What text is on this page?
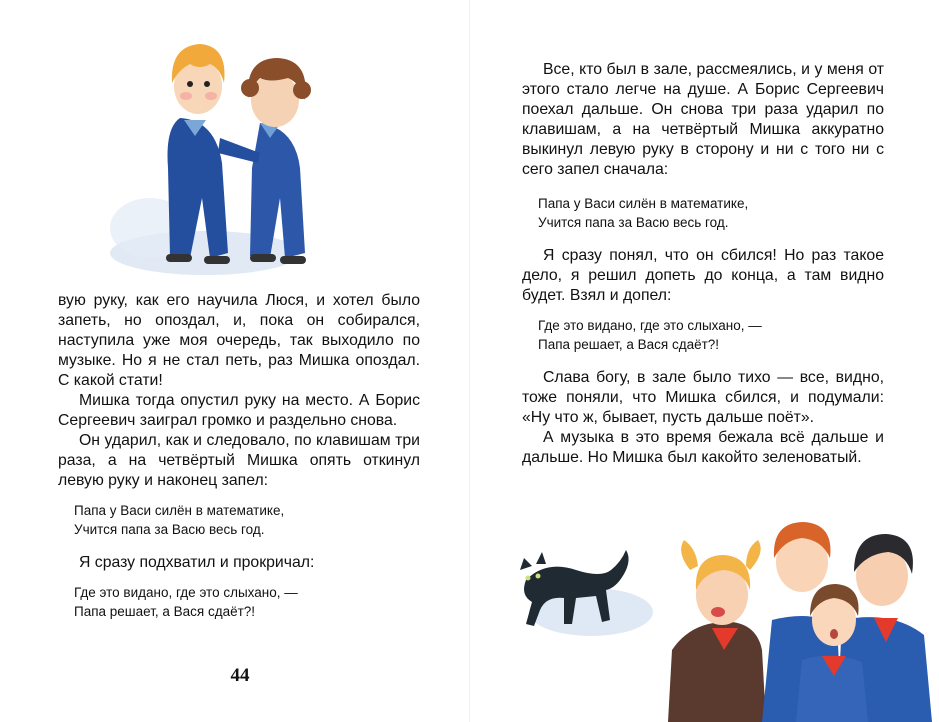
вую руку, как его научила Люся, и хотел было запеть, но опоздал, и, пока он собирался, наступила уже моя очередь, так выходило по музыке. Но я не стал петь, раз Мишка опоздал. С какой стати!

Мишка тогда опустил руку на место. А Борис Сергеевич заиграл громко и раздельно снова.

Он ударил, как и следовало, по клавишам три раза, а на четвёртый Мишка опять откинул левую руку и наконец запел:

Папа у Васи силён в математике,

Учится папа за Васю весь год.

Я сразу подхватил и прокричал:

Где это видано, где это слыхано, —

Папа решает, а Вася сдаёт?!

44

Все, кто был в зале, рассмеялись, и у меня от этого стало легче на душе. А Борис Сергеевич поехал дальше. Он снова три раза ударил по клавишам, а на четвёртый Мишка аккуратно выкинул левую руку в сторону и ни с того ни с сего запел сначала:

Папа у Васи силён в математике,

Учится папа за Васю весь год.

Я сразу понял, что он сбился! Но раз такое дело, я решил допеть до конца, а там видно будет. Взял и допел:

Где это видано, где это слыхано, —

Папа решает, а Вася сдаёт?!

Слава богу, в зале было тихо — все, видно, тоже поняли, что Мишка сбился, и подумали: «Ну что ж, бывает, пусть дальше поёт».

А музыка в это время бежала всё дальше и дальше. Но Мишка был какойто зеленоватый.
